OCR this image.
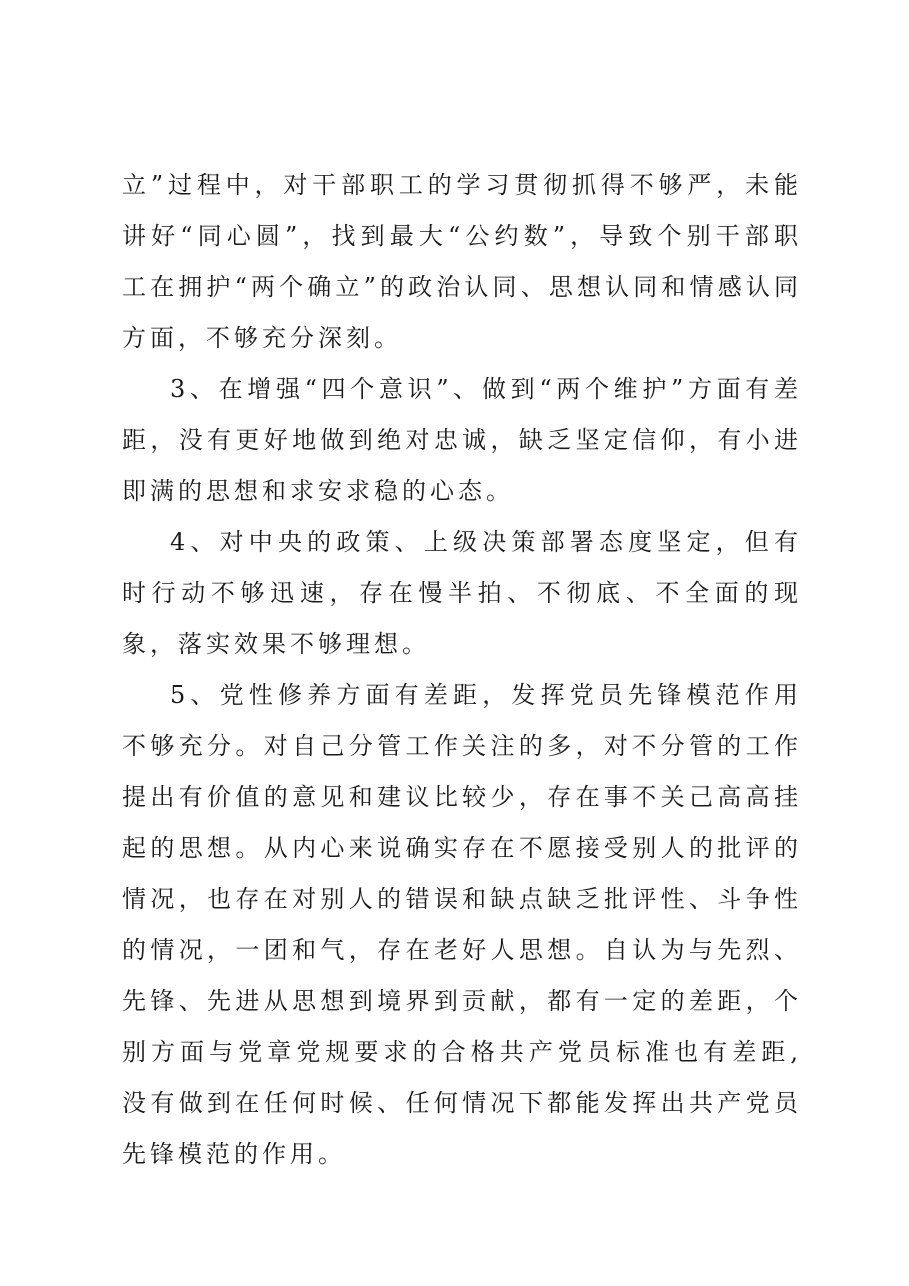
立”过程中，对干部职工的学习贯彻抓得不够严，未能讲好“同心圆”，找到最大“公约数”，导致个别干部职工在拥护“两个确立”的政治认同、思想认同和情感认同方面，不够充分深刻。

3、在增强“四个意识”、做到“两个维护”方面有差距，没有更好地做到绝对忠诚，缺乏坚定信仰，有小进即满的思想和求安求稳的心态。

4、对中央的政策、上级决策部署态度坚定，但有时行动不够迅速，存在慢半拍、不彻底、不全面的现象，落实效果不够理想。

5、党性修养方面有差距，发挥党员先锋模范作用不够充分。对自己分管工作关注的多，对不分管的工作提出有价值的意见和建议比较少，存在事不关己高高挂起的思想。从内心来说确实存在不愿接受别人的批评的情况，也存在对别人的错误和缺点缺乏批评性、斗争性的情况，一团和气，存在老好人思想。自认为与先烈、先锋、先进从思想到境界到贡献，都有一定的差距，个别方面与党章党规要求的合格共产党员标准也有差距,没有做到在任何时候、任何情况下都能发挥出共产党员先锋模范的作用。
